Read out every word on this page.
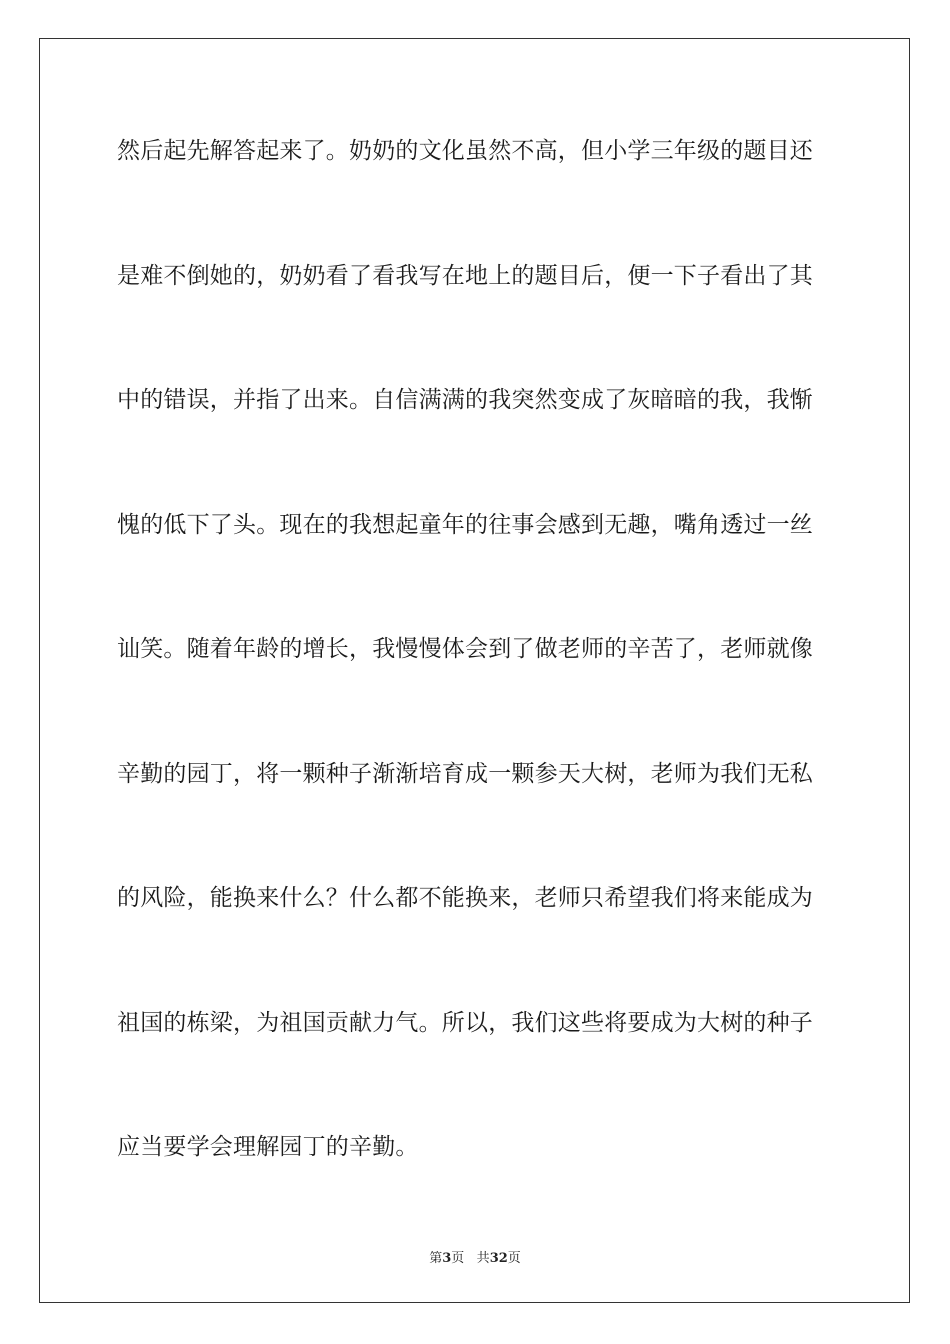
然后起先解答起来了。奶奶的文化虽然不高，但小学三年级的题目还
是难不倒她的，奶奶看了看我写在地上的题目后，便一下子看出了其
中的错误，并指了出来。自信满满的我突然变成了灰暗暗的我，我惭
愧的低下了头。现在的我想起童年的往事会感到无趣，嘴角透过一丝
讪笑。随着年龄的增长，我慢慢体会到了做老师的辛苦了，老师就像
辛勤的园丁，将一颗种子渐渐培育成一颗参天大树，老师为我们无私
的风险，能换来什么？什么都不能换来，老师只希望我们将来能成为
祖国的栋梁，为祖国贡献力气。所以，我们这些将要成为大树的种子
应当要学会理解园丁的辛勤。
第3页 共32页
